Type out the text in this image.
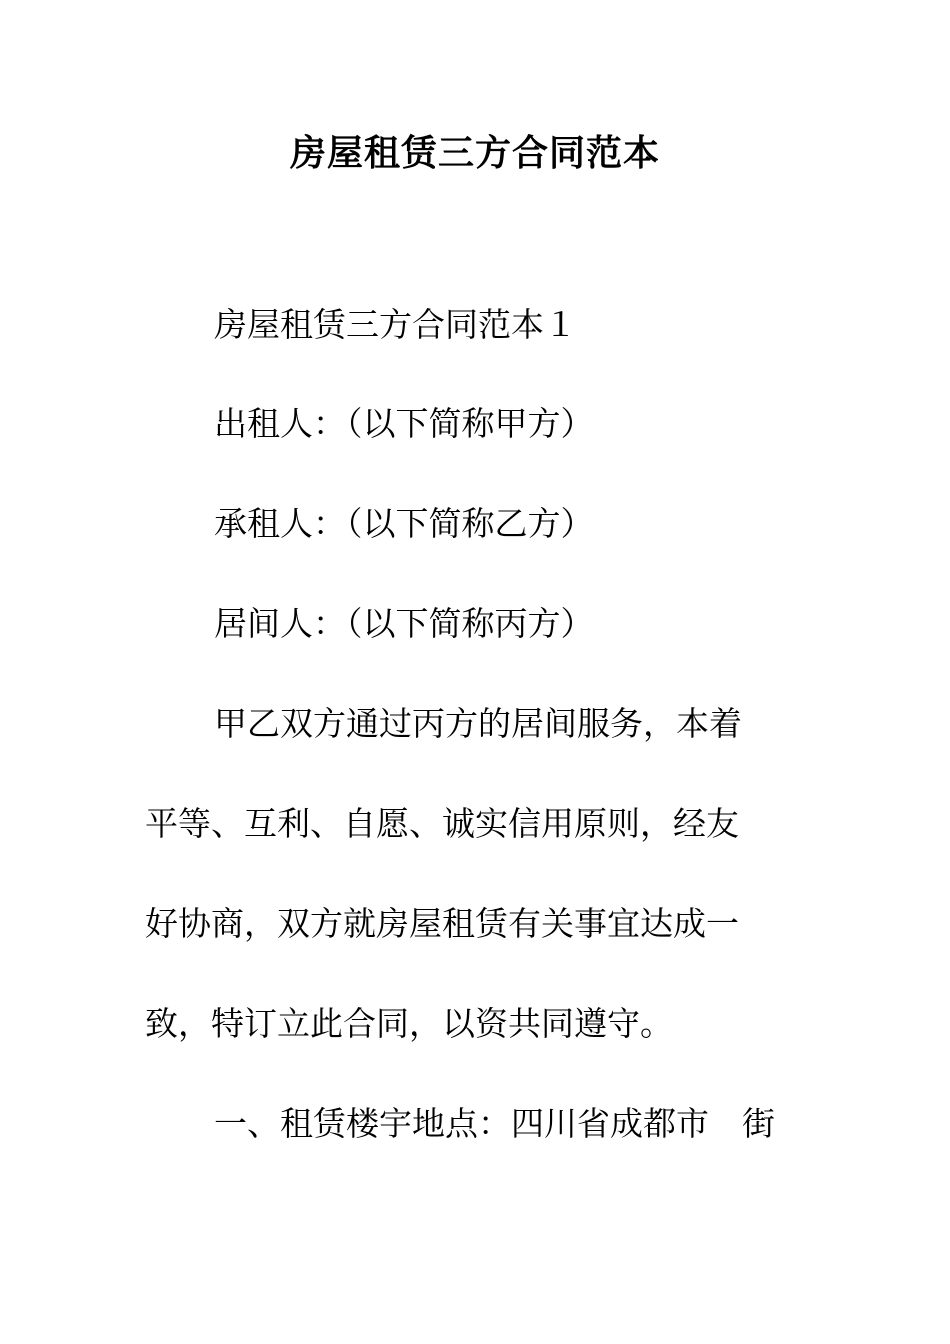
房屋租赁三方合同范本
房屋租赁三方合同范本１
出租人：（以下简称甲方）
承租人：（以下简称乙方）
居间人：（以下简称丙方）
甲乙双方通过丙方的居间服务，本着
平等、互利、自愿、诚实信用原则，经友
好协商，双方就房屋租赁有关事宜达成一
致，特订立此合同，以资共同遵守。
一、租赁楼宇地点：四川省成都市　街
